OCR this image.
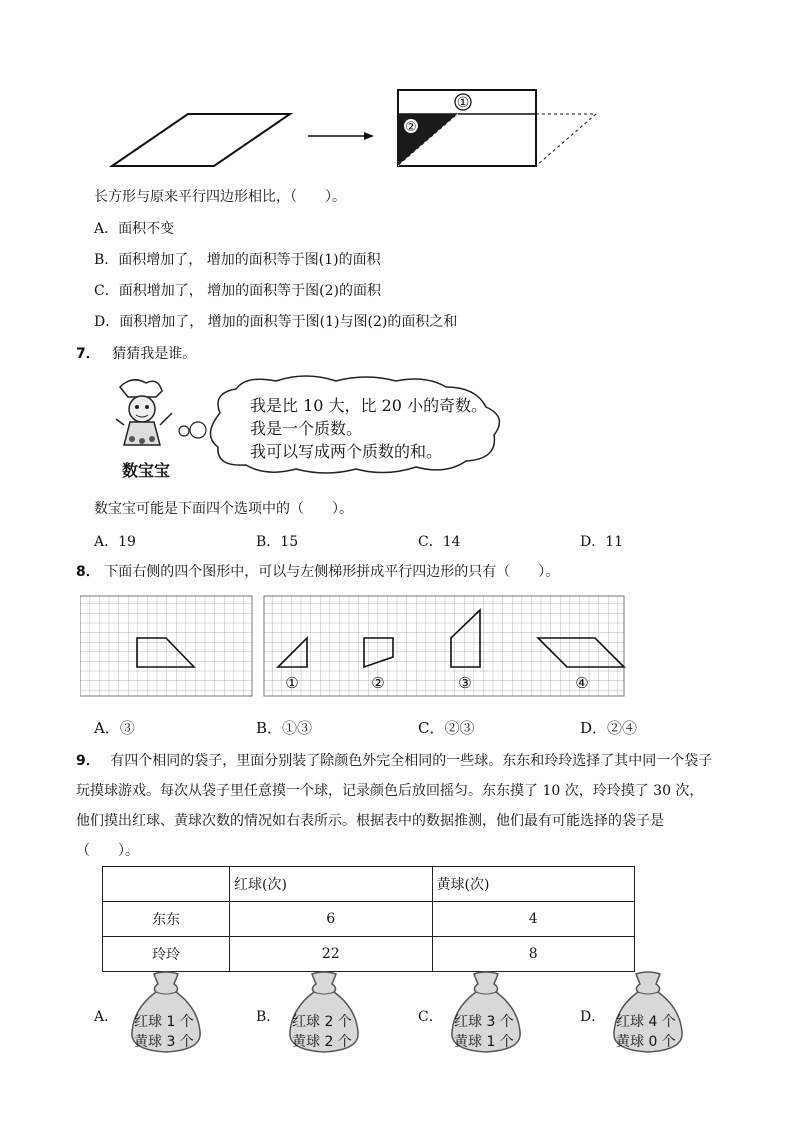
①
②
长方形与原来平行四边形相比，（　　）。
A．面积不变
B．面积增加了， 增加的面积等于图(1)的面积
C．面积增加了， 增加的面积等于图(2)的面积
D．面积增加了， 增加的面积等于图(1)与图(2)的面积之和
7． 猜猜我是谁。
数宝宝
我是比 10 大，比 20 小的奇数。
我是一个质数。
我可以写成两个质数的和。
数宝宝可能是下面四个选项中的（　　）。
A．19	B．15	C．14	D．11
8． 下面右侧的四个图形中，可以与左侧梯形拼成平行四边形的只有（　　）。
①	②	③	④
A．③	B．①③	C．②③	D．②④
9． 有四个相同的袋子，里面分别装了除颜色外完全相同的一些球。东东和玲玲选择了其中同一个袋子
玩摸球游戏。每次从袋子里任意摸一个球，记录颜色后放回摇匀。东东摸了 10 次，玲玲摸了 30 次，
他们摸出红球、黄球次数的情况如右表所示。根据表中的数据推测，他们最有可能选择的袋子是
（　　）。
	红球(次)	黄球(次)
东东	6	4
玲玲	22	8
A． 红球 1 个
黄球 3 个
B． 红球 2 个
黄球 2 个
C． 红球 3 个
黄球 1 个
D． 红球 4 个
黄球 0 个
